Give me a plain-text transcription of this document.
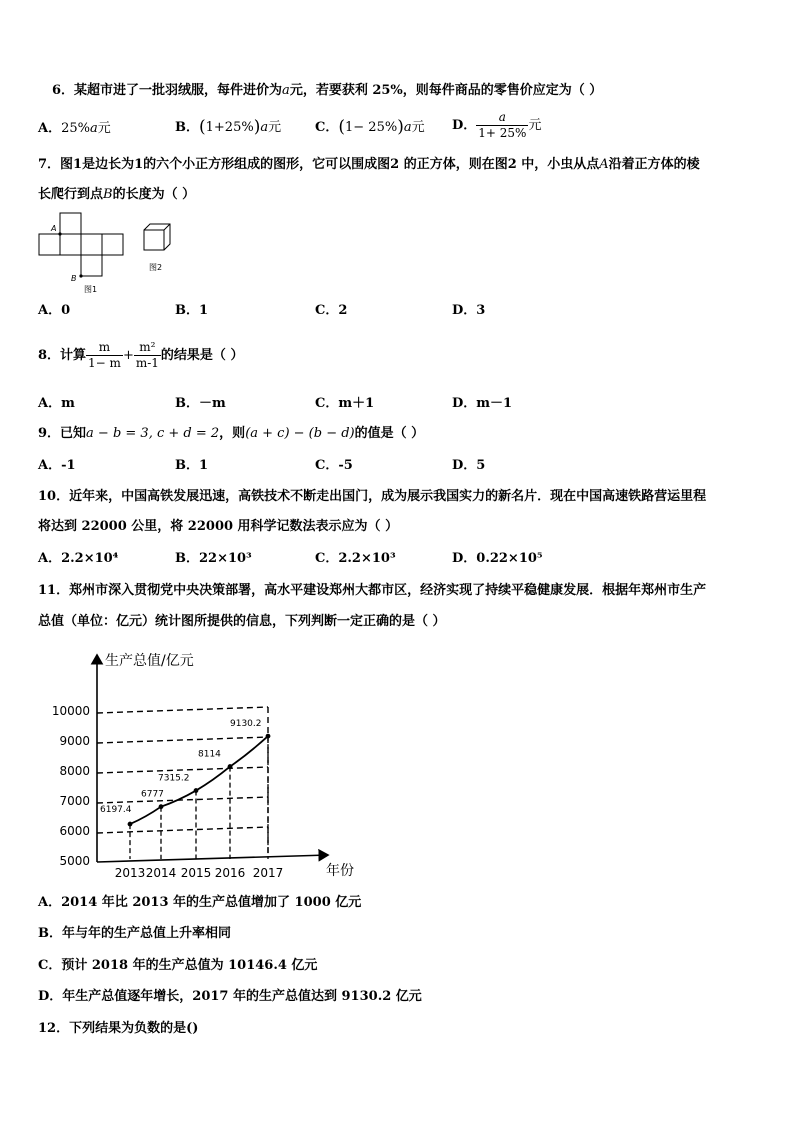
6．某超市进了一批羽绒服，每件进价为a元，若要获利 25%，则每件商品的零售价应定为（ ）
A．25%a元	B．(1+25%)a元	C．(1− 25%)a元 D． $\frac{a}{1+ 25\%}$ 元
7．图1是边长为1的六个小正方形组成的图形，它可以围成图2 的正方体，则在图2 中，小虫从点A沿着正方体的棱
长爬行到点B的长度为（ ）
A
B
图1
图2
A．0	B．1	C．2	D．3
8．计算 $\frac{m}{1- m} + \frac{\text{m²}}{m-1}$ 的结果是（ ）
A．m	B．－m	C．m＋1	D．m－1
9．已知a − b = 3, c + d = 2，则(a + c) − (b − d)的值是（ ）
A．-1	B．1	C．-5	D．5
10．近年来，中国高铁发展迅速，高铁技术不断走出国门，成为展示我国实力的新名片．现在中国高速铁路营运里程
将达到 22000 公里，将 22000 用科学记数法表示应为（ ）
A．2.2×10⁴	B．22×10³	C．2.2×10³	D．0.22×10⁵
11．郑州市深入贯彻党中央决策部署，高水平建设郑州大都市区，经济实现了持续平稳健康发展．根据年郑州市生产
总值（单位：亿元）统计图所提供的信息，下列判断一定正确的是（ ）
生产总值/亿元
年份
5000
6000
7000
8000
9000
10000
2013 2014 2015 2016 2017
6197.4
6777
7315.2
8114
9130.2
A．2014 年比 2013 年的生产总值增加了 1000 亿元
B．年与年的生产总值上升率相同
C．预计 2018 年的生产总值为 10146.4 亿元
D．年生产总值逐年增长，2017 年的生产总值达到 9130.2 亿元
12．下列结果为负数的是()
